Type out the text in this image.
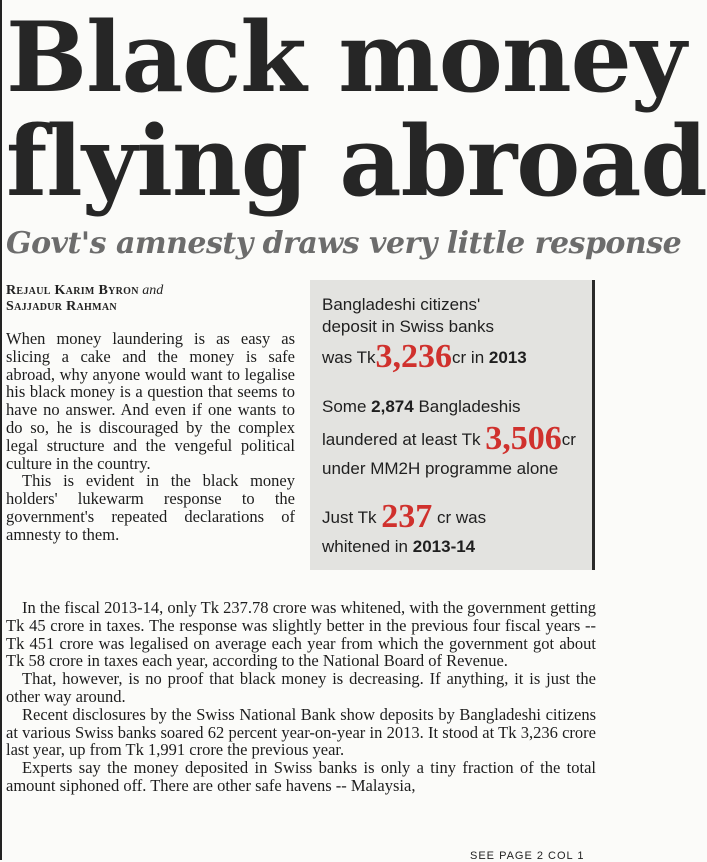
Black money
flying abroad
Govt's amnesty draws very little response
Rejaul Karim Byron and
Sajjadur Rahman

When money laundering is as easy as slicing a cake and the money is safe abroad, why anyone would want to legalise his black money is a question that seems to have no answer. And even if one wants to do so, he is discouraged by the complex legal structure and the vengeful political culture in the country.

This is evident in the black money holders' lukewarm response to the government's repeated declarations of amnesty to them.

Bangladeshi citizens'
deposit in Swiss banks
was Tk3,236cr in 2013
Some 2,874 Bangladeshis
laundered at least Tk 3,506cr
under MM2H programme alone
Just Tk 237 cr was
whitened in 2013-14

In the fiscal 2013-14, only Tk 237.78 crore was whitened, with the government getting Tk 45 crore in taxes. The response was slightly better in the previous four fiscal years -- Tk 451 crore was legalised on average each year from which the government got about Tk 58 crore in taxes each year, according to the National Board of Revenue.

That, however, is no proof that black money is decreasing. If anything, it is just the other way around.

Recent disclosures by the Swiss National Bank show deposits by Bangladeshi citizens at various Swiss banks soared 62 percent year-on-year in 2013. It stood at Tk 3,236 crore last year, up from Tk 1,991 crore the previous year.

Experts say the money deposited in Swiss banks is only a tiny fraction of the total amount siphoned off. There are other safe havens -- Malaysia,

SEE PAGE 2 COL 1
